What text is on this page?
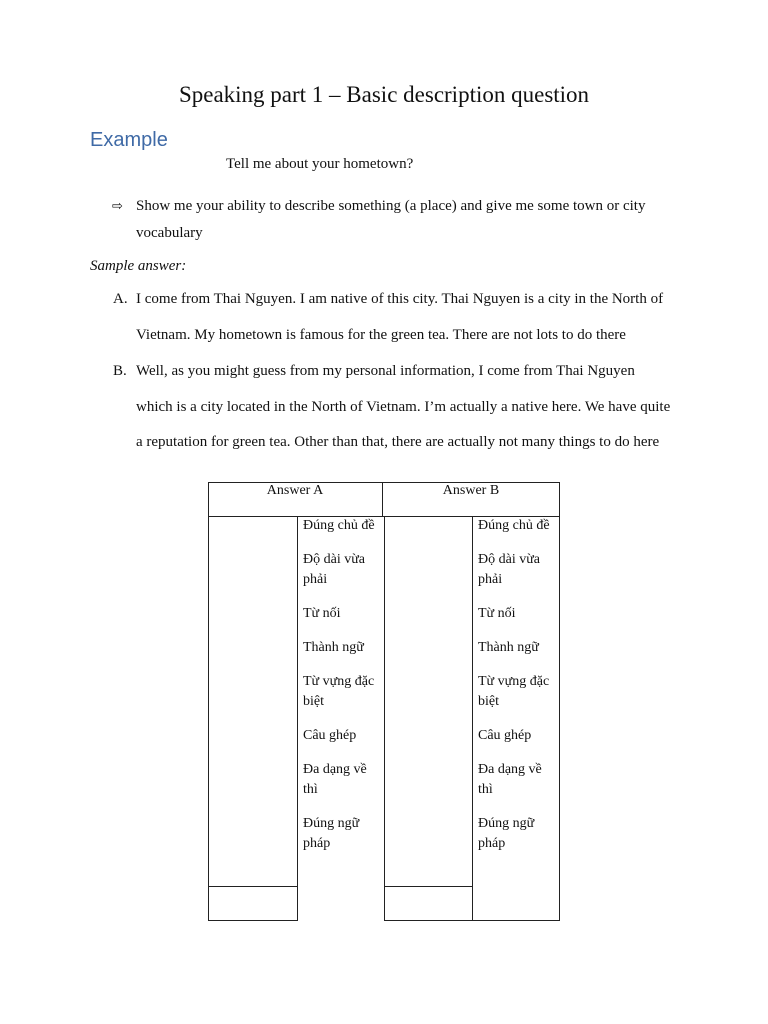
Speaking part 1 – Basic description question
Example
Tell me about your hometown?
⇨ Show me your ability to describe something (a place) and give me some town or city
vocabulary
Sample answer:
A. I come from Thai Nguyen. I am native of this city. Thai Nguyen is a city in the North of
Vietnam. My hometown is famous for the green tea. There are not lots to do there
B. Well, as you might guess from my personal information, I come from Thai Nguyen
which is a city located in the North of Vietnam. I’m actually a native here. We have quite
a reputation for green tea. Other than that, there are actually not many things to do here
Answer A	Answer B
Đúng chủ đề
Độ dài vừa phải
Từ nối
Thành ngữ
Từ vựng đặc biệt
Câu ghép
Đa dạng về thì
Đúng ngữ pháp
Đúng chủ đề
Độ dài vừa phải
Từ nối
Thành ngữ
Từ vựng đặc biệt
Câu ghép
Đa dạng về thì
Đúng ngữ pháp
